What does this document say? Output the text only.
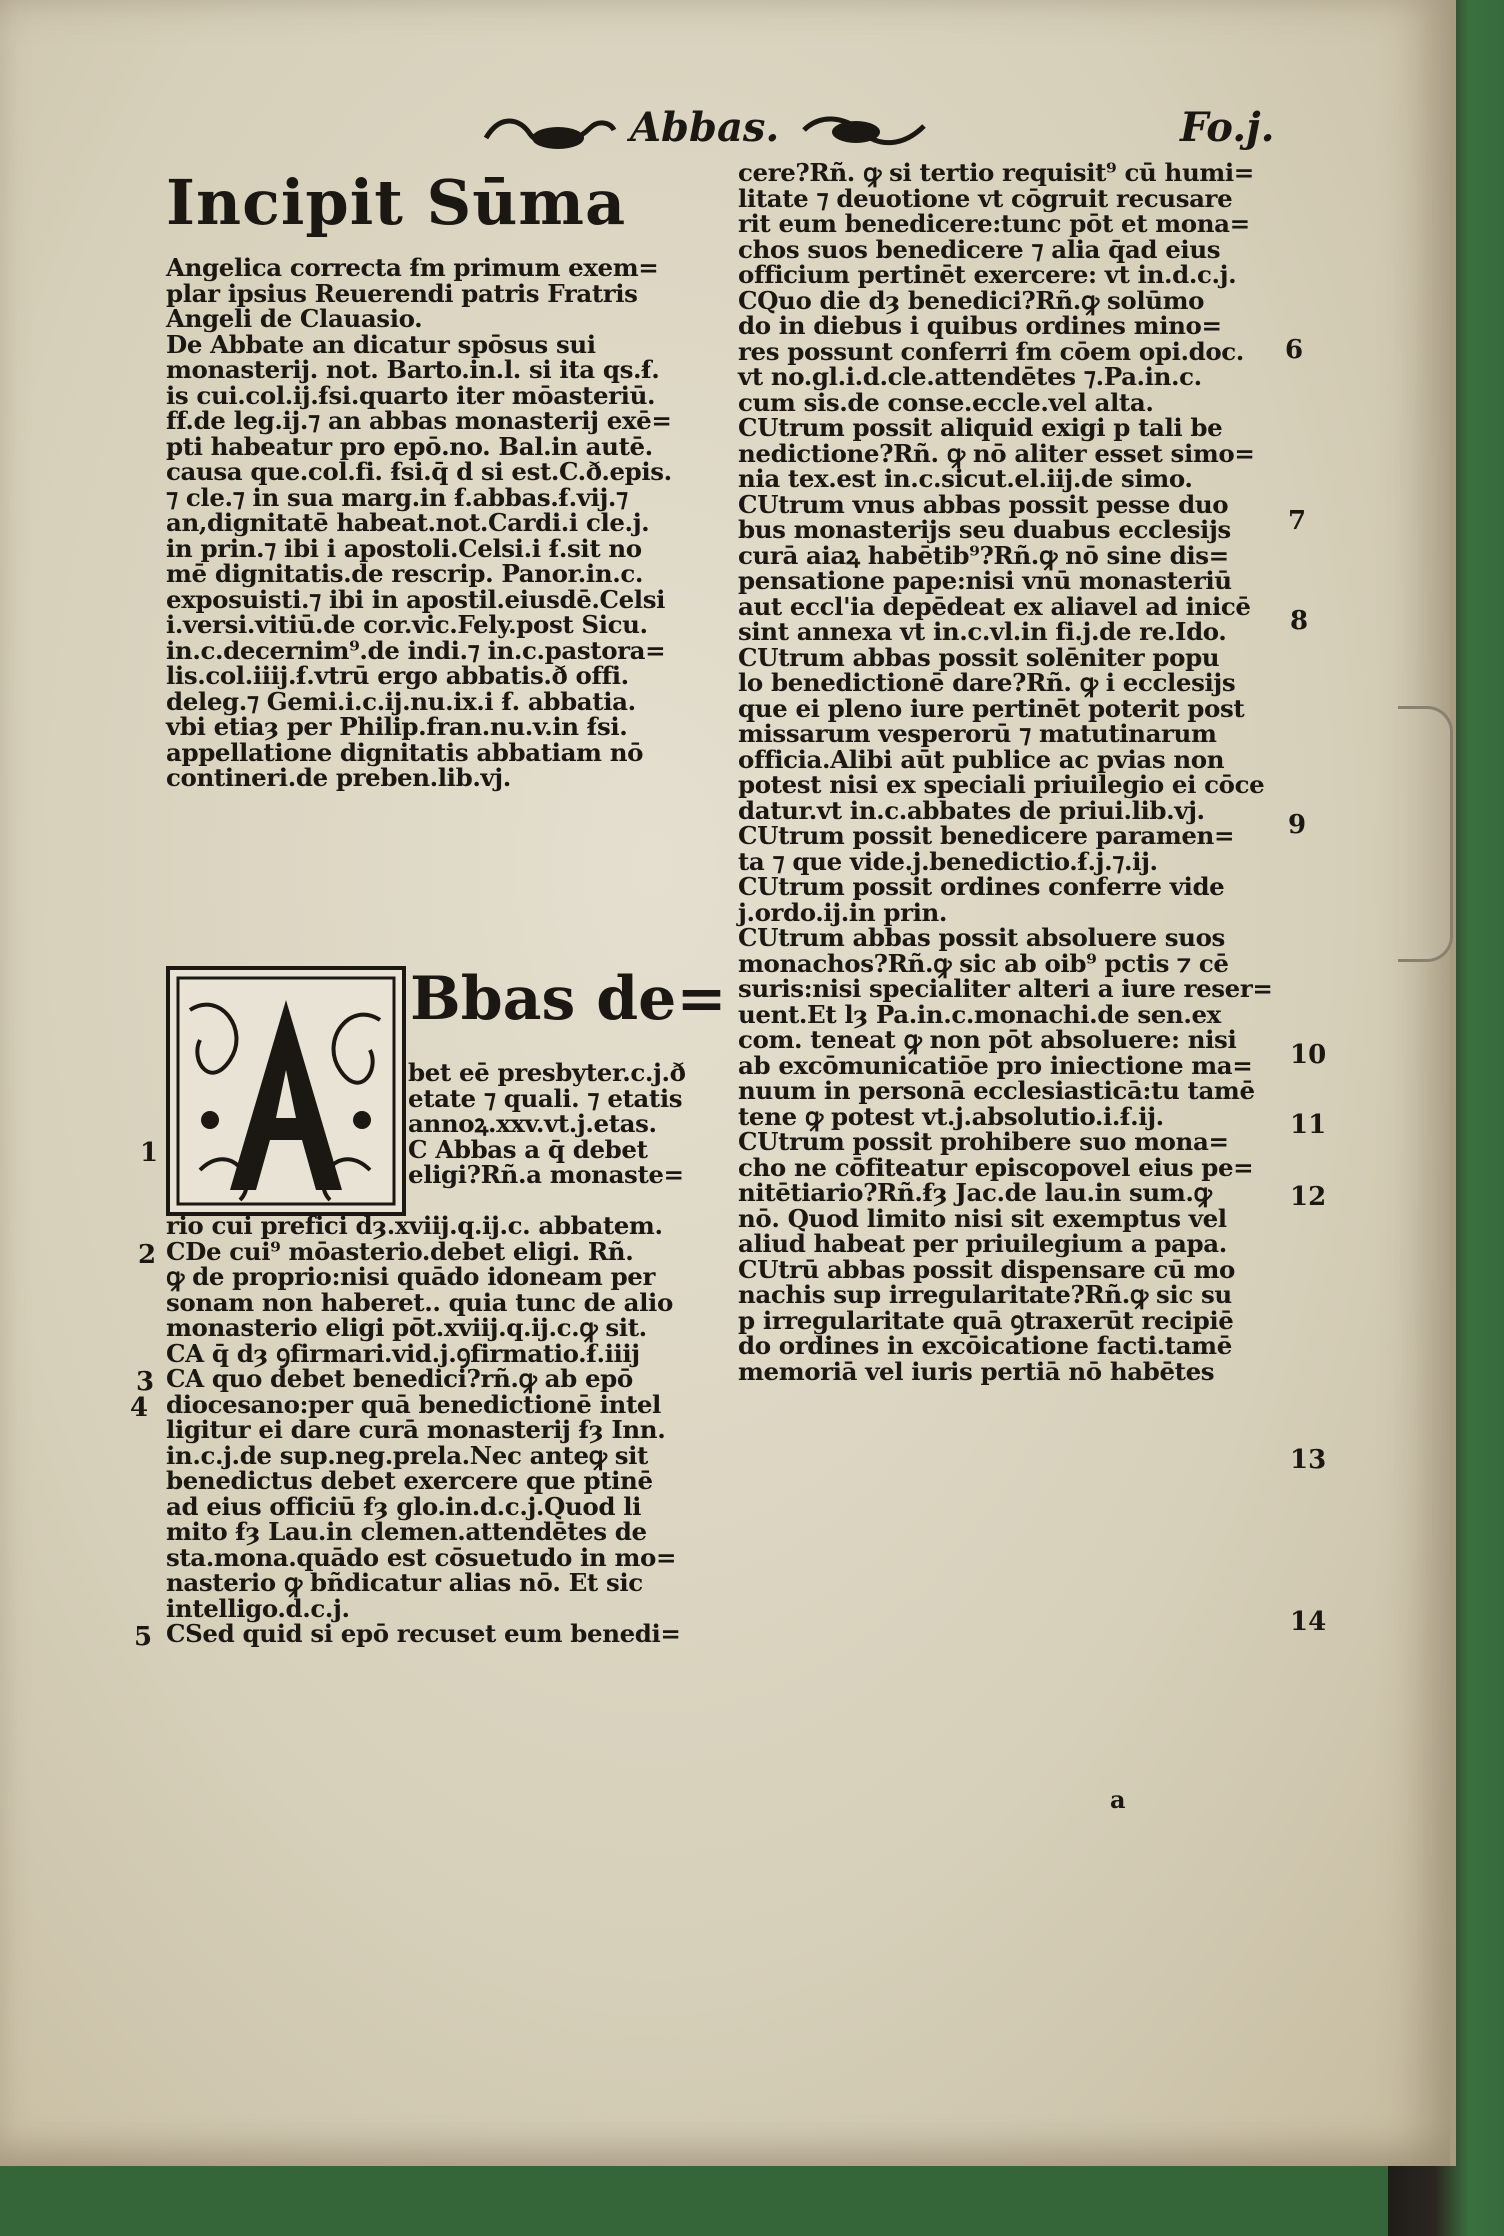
Abbas.	Fo.j.
Incipit Sūma
Angelica correcta ẜm primum exem=
plar ipsius Reuerendi patris Fratris
Angeli de Clauasio.
De Abbate an dicatur spōsus sui
monasterij. not. Barto.in.l. si ita qs.ẜ.
is cui.col.ij.ẜsi.quarto iter mōasteriū.
ff.de leg.ij.⁊ an abbas monasterij exē=
pti habeatur pro epō.no. Bal.in autē.
causa que.col.fi. ẜsi.q̄ d si est.C.ð.epis.
⁊ cle.⁊ in sua marg.in ẜ.abbas.ẜ.vij.⁊
an,dignitatē habeat.not.Cardi.i cle.j.
in prin.⁊ ibi i apostoli.Celsi.i ẜ.sit no
mē dignitatis.de rescrip. Panor.in.c.
exposuisti.⁊ ibi in apostil.eiusdē.Celsi
i.versi.vitiū.de cor.vic.Fely.post Sicu.
in.c.decernim⁹.de indi.⁊ in.c.pastora=
lis.col.iiij.ẜ.vtrū ergo abbatis.ð offi.
deleg.⁊ Gemi.i.c.ij.nu.ix.i ẜ. abbatia.
vbi etiaȝ per Philip.fran.nu.v.in ẜsi.
appellatione dignitatis abbatiam nō
contineri.de preben.lib.vj.
Bbas de=
bet eē presbyter.c.j.ð
etate ⁊ quali. ⁊ etatis
annoꝝ.xxv.vt.j.etas.
C Abbas a q̄ debet
eligi?Rñ.a monaste=
rio cui prefici dȝ.xviij.q.ij.c. abbatem.
CDe cui⁹ mōasterio.debet eligi. Rñ.
ꝙ de proprio:nisi quādo idoneam per
sonam non haberet.. quia tunc de alio
monasterio eligi pōt.xviij.q.ij.c.ꝙ sit.
CA q̄ dȝ ꝯfirmari.vid.j.ꝯfirmatio.ẜ.iiij
CA quo debet benedici?rñ.ꝙ ab epō
diocesano:per quā benedictionē intel
ligitur ei dare curā monasterij ẜȝ Inn.
in.c.j.de sup.neg.prela.Nec anteꝙ sit
benedictus debet exercere que ptinē
ad eius officiū ẜȝ glo.in.d.c.j.Quod li
mito ẜȝ Lau.in clemen.attendētes de
sta.mona.quādo est cōsuetudo in mo=
nasterio ꝙ bñdicatur alias nō. Et sic
intelligo.d.c.j.
CSed quid si epō recuset eum benedi=
cere?Rñ. ꝙ si tertio requisit⁹ cū humi=
litate ⁊ deuotione vt cōgruit recusare
rit eum benedicere:tunc pōt et mona=
chos suos benedicere ⁊ alia q̄ad eius
officium pertinēt exercere: vt in.d.c.j.
CQuo die dȝ benedici?Rñ.ꝙ solūmo
do in diebus i quibus ordines mino=
res possunt conferri ẜm cōem opi.doc.
vt no.gl.i.d.cle.attendētes ⁊.Pa.in.c.
cum sis.de conse.eccle.vel alta.
CUtrum possit aliquid exigi p tali be
nedictione?Rñ. ꝙ nō aliter esset simo=
nia tex.est in.c.sicut.el.iij.de simo.
CUtrum vnus abbas possit pesse duo
bus monasterijs seu duabus ecclesijs
curā aiaꝝ habētib⁹?Rñ.ꝙ nō sine dis=
pensatione pape:nisi vnū monasteriū
aut eccl'ia depēdeat ex aliavel ad inicē
sint annexa vt in.c.vl.in fi.j.de re.Ido.
CUtrum abbas possit solēniter popu
lo benedictionē dare?Rñ. ꝙ i ecclesijs
que ei pleno iure pertinēt poterit post
missarum vesperorū ⁊ matutinarum
officia.Alibi aūt publice ac pvias non
potest nisi ex speciali priuilegio ei cōce
datur.vt in.c.abbates de priui.lib.vj.
CUtrum possit benedicere paramen=
ta ⁊ que vide.j.benedictio.ẜ.j.⁊.ij.
CUtrum possit ordines conferre vide
j.ordo.ij.in prin.
CUtrum abbas possit absoluere suos
monachos?Rñ.ꝙ sic ab oib⁹ pctis ⁊ cē
suris:nisi specialiter alteri a iure reser=
uent.Et lȝ Pa.in.c.monachi.de sen.ex
com. teneat ꝙ non pōt absoluere: nisi
ab excōmunicatiōe pro iniectione ma=
nuum in personā ecclesiasticā:tu tamē
tene ꝙ potest vt.j.absolutio.i.ẜ.ij.
CUtrum possit prohibere suo mona=
cho ne cōfiteatur episcopovel eius pe=
nitētiario?Rñ.ẜȝ Jac.de lau.in sum.ꝙ
nō. Quod limito nisi sit exemptus vel
aliud habeat per priuilegium a papa.
CUtrū abbas possit dispensare cū mo
nachis sup irregularitate?Rñ.ꝙ sic su
p irregularitate quā ꝯtraxerūt recipiē
do ordines in excōicatione facti.tamē
memoriā vel iuris pertiā nō habētes
1
2
3
4
5
6
7
8
9
10
11
12
13
14
a
